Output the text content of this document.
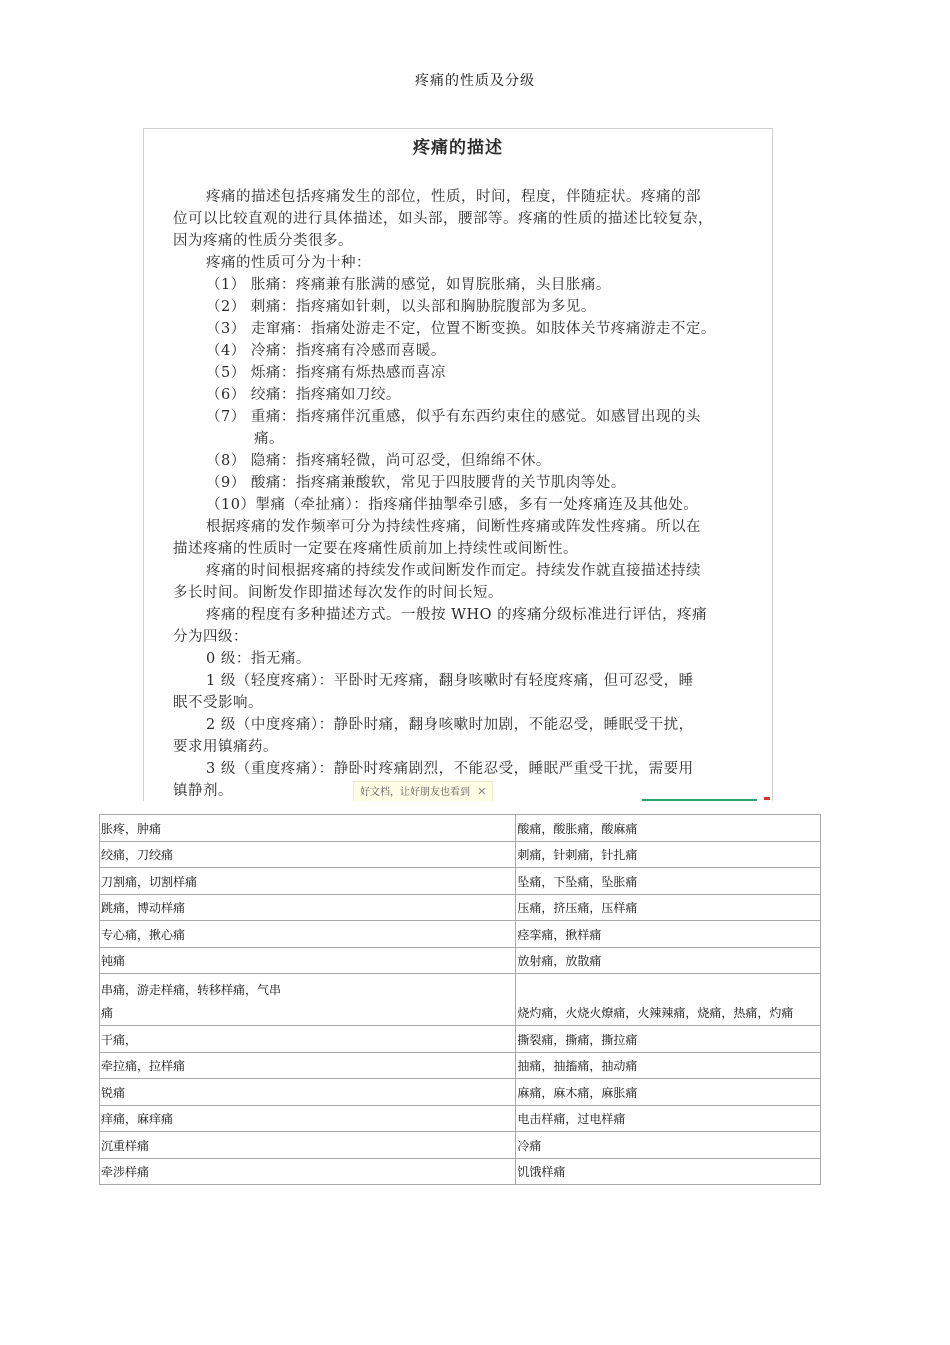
疼痛的性质及分级
疼痛的描述
疼痛的描述包括疼痛发生的部位，性质，时间，程度，伴随症状。疼痛的部
位可以比较直观的进行具体描述，如头部，腰部等。疼痛的性质的描述比较复杂，
因为疼痛的性质分类很多。
疼痛的性质可分为十种：
（1） 胀痛：疼痛兼有胀满的感觉，如胃脘胀痛，头目胀痛。
（2） 刺痛：指疼痛如针刺，以头部和胸胁脘腹部为多见。
（3） 走窜痛：指痛处游走不定，位置不断变换。如肢体关节疼痛游走不定。
（4） 冷痛：指疼痛有冷感而喜暖。
（5） 烁痛：指疼痛有烁热感而喜凉
（6） 绞痛：指疼痛如刀绞。
（7） 重痛：指疼痛伴沉重感，似乎有东西约束住的感觉。如感冒出现的头
痛。
（8） 隐痛：指疼痛轻微，尚可忍受，但绵绵不休。
（9） 酸痛：指疼痛兼酸软，常见于四肢腰背的关节肌肉等处。
（10）掣痛（牵扯痛）：指疼痛伴抽掣牵引感，多有一处疼痛连及其他处。
根据疼痛的发作频率可分为持续性疼痛，间断性疼痛或阵发性疼痛。所以在
描述疼痛的性质时一定要在疼痛性质前加上持续性或间断性。
疼痛的时间根据疼痛的持续发作或间断发作而定。持续发作就直接描述持续
多长时间。间断发作即描述每次发作的时间长短。
疼痛的程度有多种描述方式。一般按 WHO 的疼痛分级标准进行评估，疼痛
分为四级：
0 级：指无痛。
1 级（轻度疼痛）：平卧时无疼痛，翻身咳嗽时有轻度疼痛，但可忍受，睡
眠不受影响。
2 级（中度疼痛）：静卧时痛，翻身咳嗽时加剧，不能忍受，睡眠受干扰，
要求用镇痛药。
3 级（重度疼痛）：静卧时疼痛剧烈，不能忍受，睡眠严重受干扰，需要用
镇静剂。	好文档，让好朋友也看到 ✕
胀疼，肿痛	酸痛，酸胀痛，酸麻痛
绞痛，刀绞痛	刺痛，针刺痛，针扎痛
刀割痛，切割样痛	坠痛，下坠痛，坠胀痛
跳痛，博动样痛	压痛，挤压痛，压样痛
专心痛，揪心痛	痉挛痛，揪样痛
钝痛	放射痛，放散痛

串痛，游走样痛，转移样痛，气串
痛	烧灼痛，火烧火燎痛，火辣辣痛，烧痛，热痛，灼痛
干痛，	撕裂痛，撕痛，撕拉痛
牵拉痛，拉样痛	抽痛，抽搐痛，抽动痛
锐痛	麻痛，麻木痛，麻胀痛
痒痛，麻痒痛	电击样痛，过电样痛
沉重样痛	冷痛
牵涉样痛	饥饿样痛
